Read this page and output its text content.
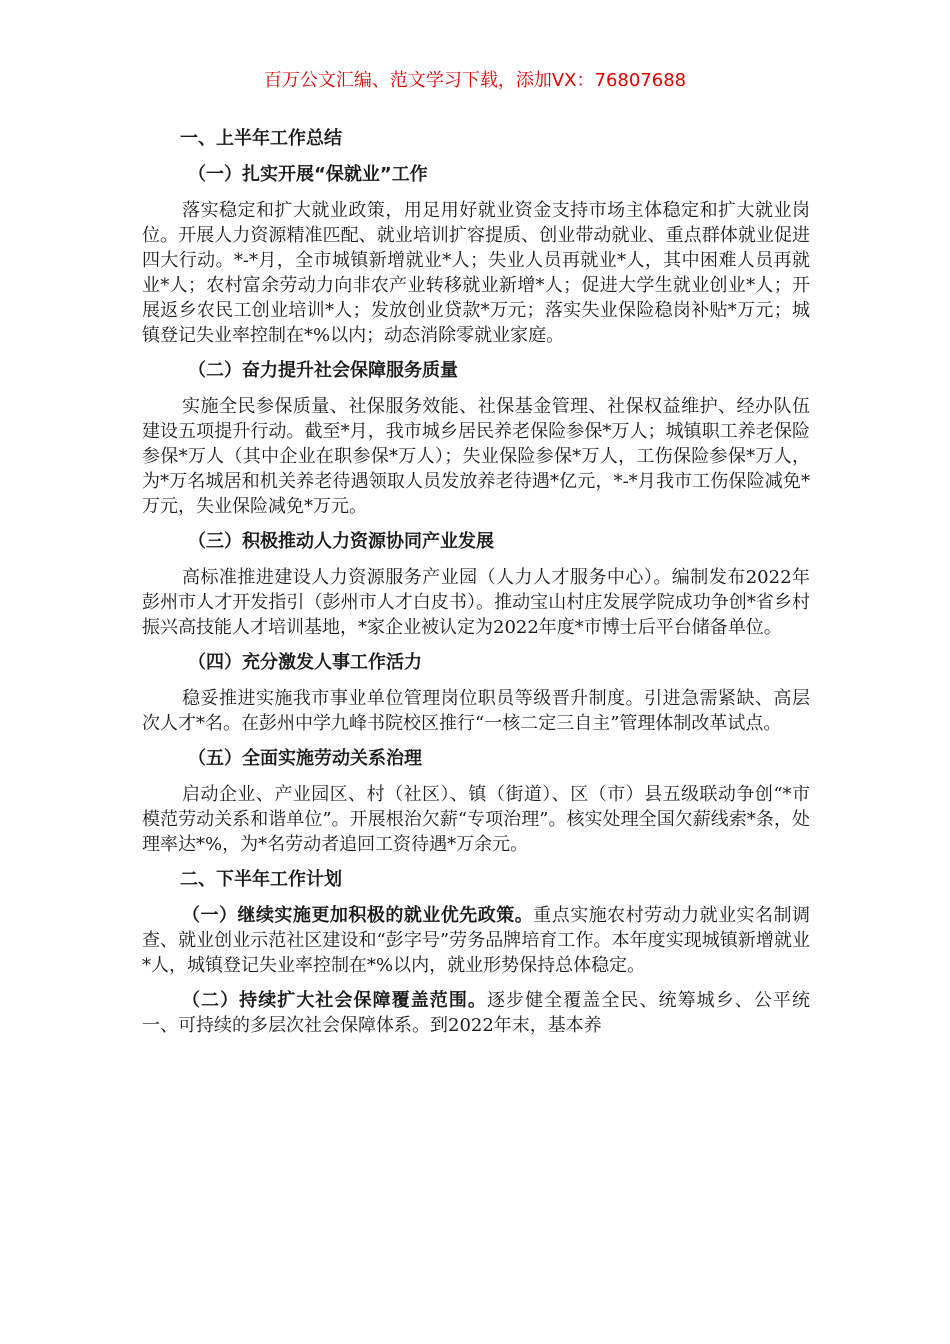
百万公文汇编、范文学习下载，添加VX：76807688
一、上半年工作总结
（一）扎实开展“保就业”工作
落实稳定和扩大就业政策，用足用好就业资金支持市场主体稳定和扩大就业岗位。开展人力资源精准匹配、就业培训扩容提质、创业带动就业、重点群体就业促进四大行动。*-*月，全市城镇新增就业*人；失业人员再就业*人，其中困难人员再就业*人；农村富余劳动力向非农产业转移就业新增*人；促进大学生就业创业*人；开展返乡农民工创业培训*人；发放创业贷款*万元；落实失业保险稳岗补贴*万元；城镇登记失业率控制在*%以内；动态消除零就业家庭。
（二）奋力提升社会保障服务质量
实施全民参保质量、社保服务效能、社保基金管理、社保权益维护、经办队伍建设五项提升行动。截至*月，我市城乡居民养老保险参保*万人；城镇职工养老保险参保*万人（其中企业在职参保*万人）；失业保险参保*万人，工伤保险参保*万人，为*万名城居和机关养老待遇领取人员发放养老待遇*亿元，*-*月我市工伤保险减免*万元，失业保险减免*万元。
（三）积极推动人力资源协同产业发展
高标准推进建设人力资源服务产业园（人力人才服务中心）。编制发布2022年彭州市人才开发指引（彭州市人才白皮书）。推动宝山村庄发展学院成功争创*省乡村振兴高技能人才培训基地，*家企业被认定为2022年度*市博士后平台储备单位。
（四）充分激发人事工作活力
稳妥推进实施我市事业单位管理岗位职员等级晋升制度。引进急需紧缺、高层次人才*名。在彭州中学九峰书院校区推行“一核二定三自主”管理体制改革试点。
（五）全面实施劳动关系治理
启动企业、产业园区、村（社区）、镇（街道）、区（市）县五级联动争创“*市模范劳动关系和谐单位”。开展根治欠薪“专项治理”。核实处理全国欠薪线索*条，处理率达*%，为*名劳动者追回工资待遇*万余元。
二、下半年工作计划
（一）继续实施更加积极的就业优先政策。重点实施农村劳动力就业实名制调查、就业创业示范社区建设和“彭字号”劳务品牌培育工作。本年度实现城镇新增就业*人，城镇登记失业率控制在*%以内，就业形势保持总体稳定。
（二）持续扩大社会保障覆盖范围。逐步健全覆盖全民、统筹城乡、公平统一、可持续的多层次社会保障体系。到2022年末，基本养
